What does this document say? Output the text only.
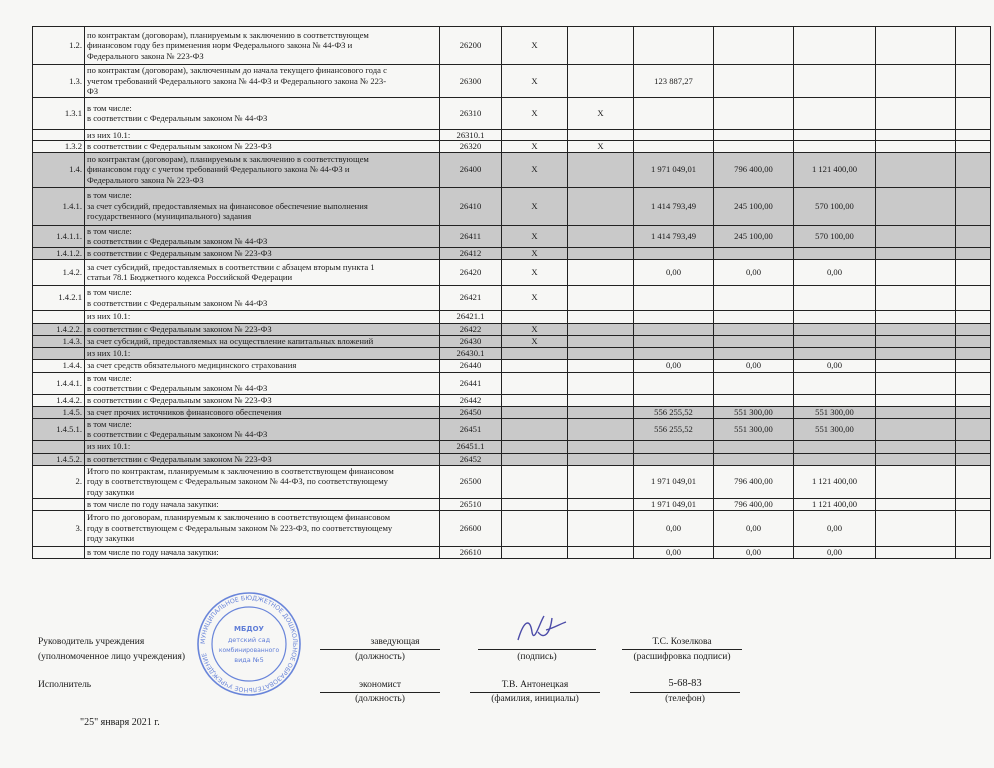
1.2.	по контрактам (договорам), планируемым к заключению в соответствующем
финансовом году без применения норм Федерального закона № 44-ФЗ и
Федерального закона № 223-ФЗ	26200	X						
1.3.	по контрактам (договорам), заключенным до начала текущего финансового года с
учетом требований Федерального закона № 44-ФЗ и Федерального закона № 223-
ФЗ	26300	X		123 887,27				
1.3.1	в том числе:
в соответствии с Федеральным законом № 44-ФЗ	26310	X	X					

	из них 10.1:	26310.1							
1.3.2	в соответствии с Федеральным законом № 223-ФЗ	26320	X	X					
1.4.	по контрактам (договорам), планируемым к заключению в соответствующем
финансовом году с учетом требований Федерального закона № 44-ФЗ и
Федерального закона № 223-ФЗ	26400	X		1 971 049,01	796 400,00	1 121 400,00		
1.4.1.	в том числе:
за счет субсидий, предоставляемых на финансовое обеспечение выполнения
государственного (муниципального) задания	26410	X		1 414 793,49	245 100,00	570 100,00		
1.4.1.1.	в том числе:
в соответствии с Федеральным законом № 44-ФЗ	26411	X		1 414 793,49	245 100,00	570 100,00		
1.4.1.2.	в соответствии с Федеральным законом № 223-ФЗ	26412	X						
1.4.2.	за счет субсидий, предоставляемых в соответствии с абзацем вторым пункта 1
статьи 78.1 Бюджетного кодекса Российской Федерации	26420	X		0,00	0,00	0,00		
1.4.2.1	в том числе:
в соответствии с Федеральным законом № 44-ФЗ	26421	X						

	из них 10.1:	26421.1							
1.4.2.2.	в соответствии с Федеральным законом № 223-ФЗ	26422	X						
1.4.3.	за счет субсидий, предоставляемых на осуществление капитальных вложений	26430	X						

	из них 10.1:	26430.1							
1.4.4.	за счет средств обязательного медицинского страхования	26440			0,00	0,00	0,00		
1.4.4.1.	в том числе:
в соответствии с Федеральным законом № 44-ФЗ	26441							
1.4.4.2.	в соответствии с Федеральным законом № 223-ФЗ	26442							
1.4.5.	за счет прочих источников финансового обеспечения	26450			556 255,52	551 300,00	551 300,00		
1.4.5.1.	в том числе:
в соответствии с Федеральным законом № 44-ФЗ	26451			556 255,52	551 300,00	551 300,00		

	из них 10.1:	26451.1							
1.4.5.2.	в соответствии с Федеральным законом № 223-ФЗ	26452							
2.	Итого по контрактам, планируемым к заключению в соответствующем финансовом
году в соответствующем с Федеральным законом № 44-ФЗ, по соответствующему
году закупки	26500			1 971 049,01	796 400,00	1 121 400,00		

	в том числе по году начала закупки:	26510			1 971 049,01	796 400,00	1 121 400,00		
3.	Итого по договорам, планируемым к заключению в соответствующем финансовом
году в соответствующем с Федеральным законом № 223-ФЗ, по соответствующему
году закупки	26600			0,00	0,00	0,00		

	в том числе по году начала закупки:	26610			0,00	0,00	0,00		
Руководитель учреждения
(уполномоченное лицо учреждения)
заведующая
(должность)	(подпись)
Т.С. Козелкова
(расшифровка подписи)
Исполнитель	экономист
(должность)
Т.В. Антонецкая
(фамилия, инициалы)
5-68-83
(телефон)
"25" января 2021 г.
МУНИЦИПАЛЬНОЕ БЮДЖЕТНОЕ ДОШКОЛЬНОЕ ОБРАЗОВАТЕЛЬНОЕ УЧРЕЖДЕНИЕ
МБДОУ
детский сад
комбинированного
вида №5
